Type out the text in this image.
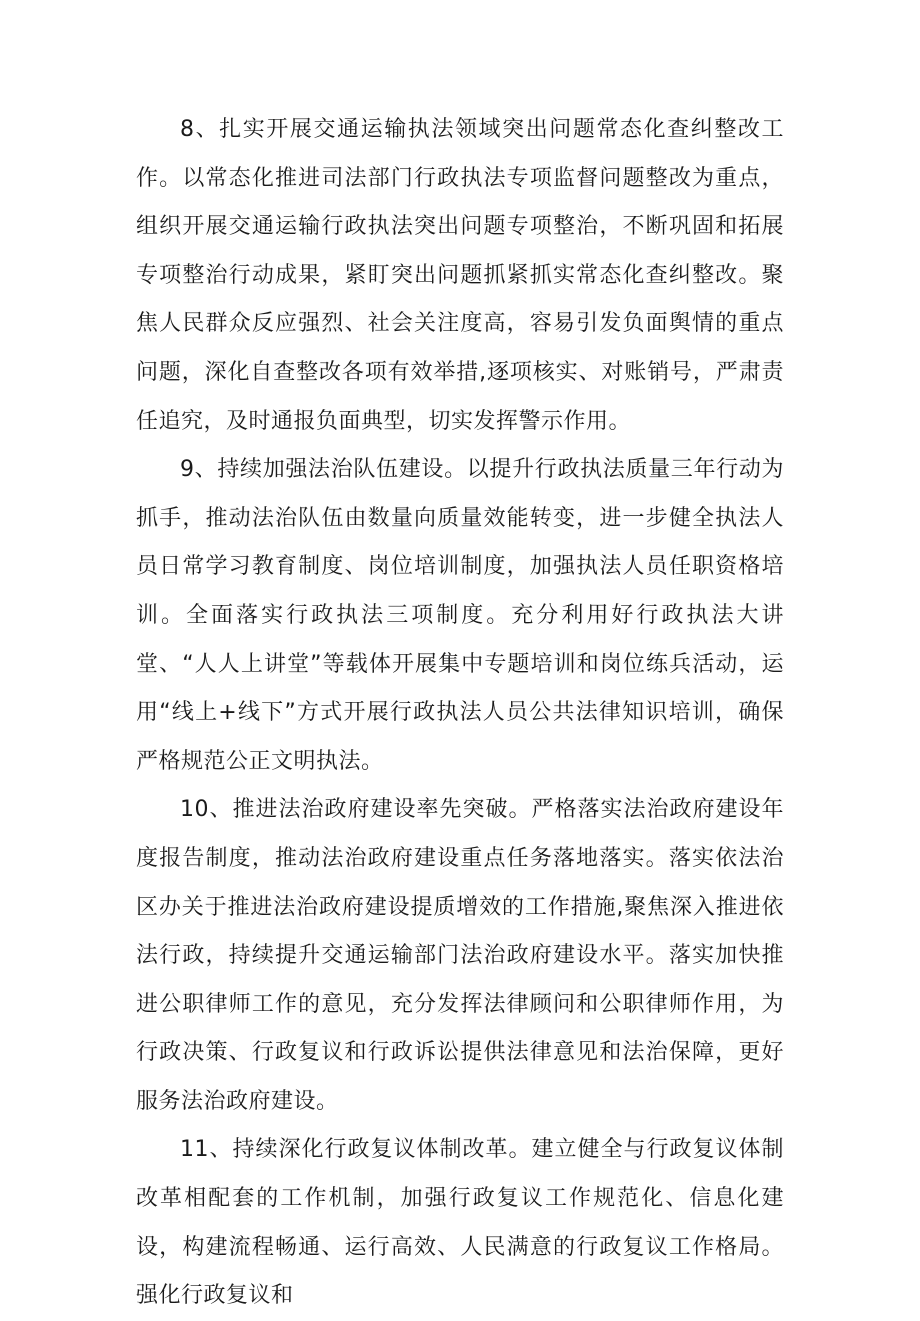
8、扎实开展交通运输执法领域突出问题常态化查纠整改工作。以常态化推进司法部门行政执法专项监督问题整改为重点，组织开展交通运输行政执法突出问题专项整治，不断巩固和拓展专项整治行动成果，紧盯突出问题抓紧抓实常态化查纠整改。聚焦人民群众反应强烈、社会关注度高，容易引发负面舆情的重点问题，深化自查整改各项有效举措,逐项核实、对账销号，严肃责任追究，及时通报负面典型，切实发挥警示作用。

9、持续加强法治队伍建设。以提升行政执法质量三年行动为抓手，推动法治队伍由数量向质量效能转变，进一步健全执法人员日常学习教育制度、岗位培训制度，加强执法人员任职资格培训。全面落实行政执法三项制度。充分利用好行政执法大讲堂、“人人上讲堂”等载体开展集中专题培训和岗位练兵活动，运用“线上+线下”方式开展行政执法人员公共法律知识培训，确保严格规范公正文明执法。

10、推进法治政府建设率先突破。严格落实法治政府建设年度报告制度，推动法治政府建设重点任务落地落实。落实依法治区办关于推进法治政府建设提质增效的工作措施,聚焦深入推进依法行政，持续提升交通运输部门法治政府建设水平。落实加快推进公职律师工作的意见，充分发挥法律顾问和公职律师作用，为行政决策、行政复议和行政诉讼提供法律意见和法治保障，更好服务法治政府建设。

11、持续深化行政复议体制改革。建立健全与行政复议体制改革相配套的工作机制，加强行政复议工作规范化、信息化建设，构建流程畅通、运行高效、人民满意的行政复议工作格局。强化行政复议和
